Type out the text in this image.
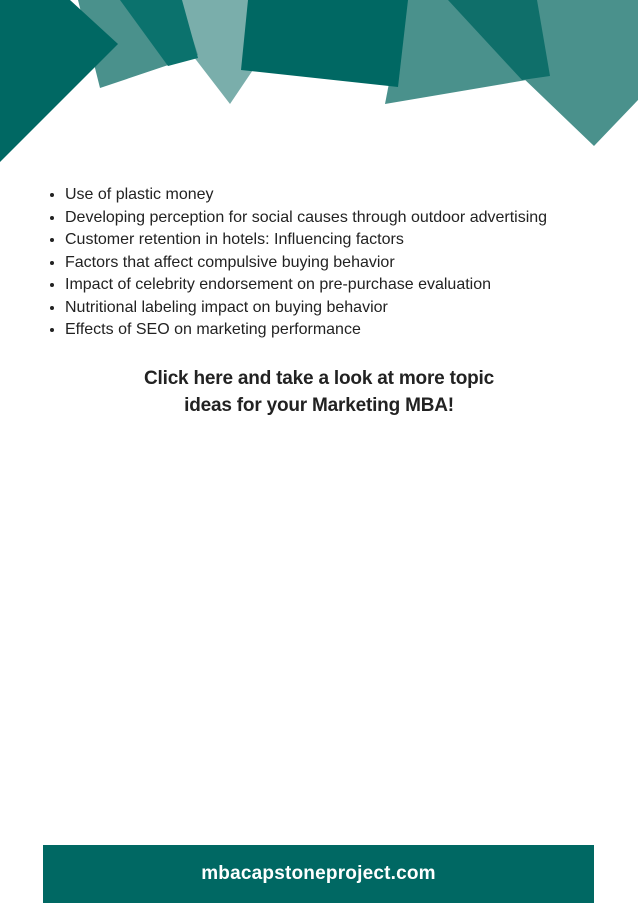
• Use of plastic money
• Developing perception for social causes through outdoor advertising
• Customer retention in hotels: Influencing factors
• Factors that affect compulsive buying behavior
• Impact of celebrity endorsement on pre-purchase evaluation
• Nutritional labeling impact on buying behavior
• Effects of SEO on marketing performance
Click here and take a look at more topic
ideas for your Marketing MBA!
mbacapstoneproject.com
